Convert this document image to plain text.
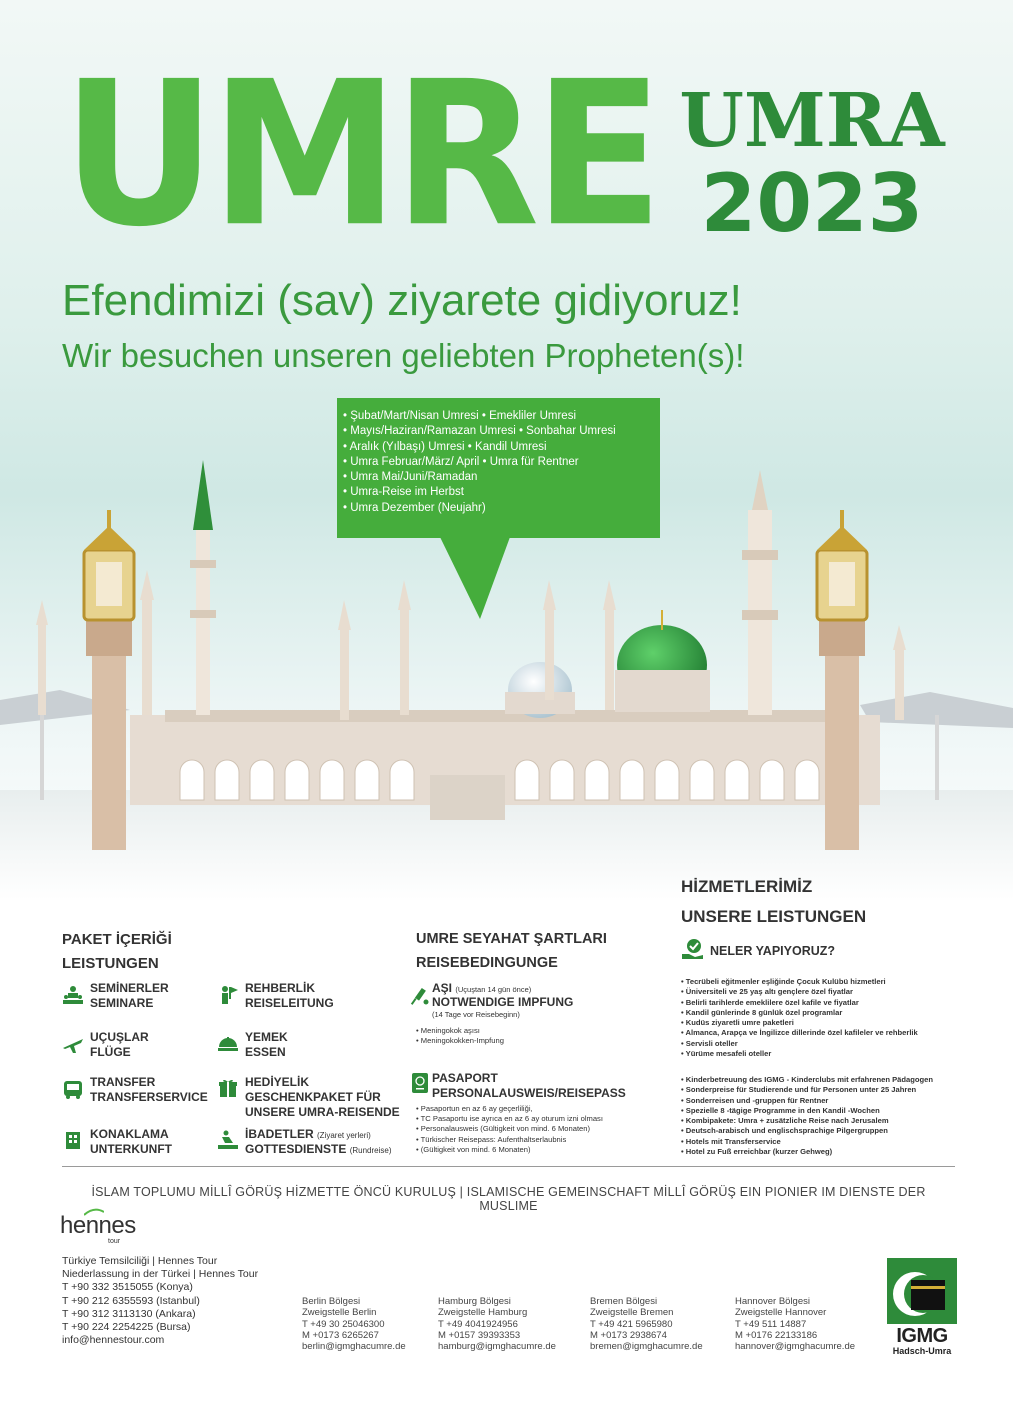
UMRE UMRA
2023
Efendimizi (sav) ziyarete gidiyoruz!
Wir besuchen unseren geliebten Propheten(s)!
• Şubat/Mart/Nisan Umresi • Emekliler Umresi
• Mayıs/Haziran/Ramazan Umresi • Sonbahar Umresi
• Aralık (Yılbaşı) Umresi • Kandil Umresi
• Umra Februar/März/ April • Umra für Rentner
• Umra Mai/Juni/Ramadan
• Umra-Reise im Herbst
• Umra Dezember (Neujahr)
PAKET İÇERİĞİ
LEISTUNGEN
SEMİNERLER
SEMINARE
UÇUŞLAR
FLÜGE
TRANSFER
TRANSFERSERVICE
KONAKLAMA
UNTERKUNFT
REHBERLİK
REISELEITUNG
YEMEK
ESSEN
HEDİYELİK
GESCHENKPAKET FÜR
UNSERE UMRA-REISENDE
İBADETLER (Ziyaret yerleri)
GOTTESDIENSTE (Rundreise)
UMRE SEYAHAT ŞARTLARI
REISEBEDINGUNGE
AŞI (Uçuştan 14 gün önce)
NOTWENDIGE IMPFUNG
(14 Tage vor Reisebeginn)
• Meningokok aşısı
• Meningokokken-Impfung
PASAPORT
PERSONALAUSWEIS/REISEPASS
• Pasaportun en az 6 ay geçerliliği,
• TC Pasaportu ise ayrıca en az 6 ay oturum izni olması
• Personalausweis (Gültigkeit von mind. 6 Monaten)
• Türkischer Reisepass: Aufenthaltserlaubnis
• (Gültigkeit von mind. 6 Monaten)
HİZMETLERİMİZ
UNSERE LEISTUNGEN
NELER YAPIYORUZ?
• Tecrübeli eğitmenler eşliğinde Çocuk Kulübü hizmetleri
• Üniversiteli ve 25 yaş altı gençlere özel fiyatlar
• Belirli tarihlerde emeklilere özel kafile ve fiyatlar
• Kandil günlerinde 8 günlük özel programlar
• Kudüs ziyaretli umre paketleri
• Almanca, Arapça ve İngilizce dillerinde özel kafileler ve rehberlik
• Servisli oteller
• Yürüme mesafeli oteller
• Kinderbetreuung des IGMG - Kinderclubs mit erfahrenen Pädagogen
• Sonderpreise für Studierende und für Personen unter 25 Jahren
• Sonderreisen und -gruppen für Rentner
• Spezielle 8 -tägige Programme in den Kandil -Wochen
• Kombipakete: Umra + zusätzliche Reise nach Jerusalem
• Deutsch-arabisch und englischsprachige Pilgergruppen
• Hotels mit Transferservice
• Hotel zu Fuß erreichbar (kurzer Gehweg)
İSLAM TOPLUMU MİLLÎ GÖRÜŞ HİZMETTE ÖNCÜ KURULUŞ | ISLAMISCHE GEMEINSCHAFT MİLLÎ GÖRÜŞ EIN PIONIER IM DIENSTE DER MUSLIME
hennes
tour
Türkiye Temsilciliği | Hennes Tour
Niederlassung in der Türkei | Hennes Tour
T +90 332 3515055 (Konya)
T +90 212 6355593 (Istanbul)
T +90 312 3113130 (Ankara)
T +90 224 2254225 (Bursa)
info@hennestour.com
Berlin Bölgesi
Zweigstelle Berlin
T +49 30 25046300
M +0173 6265267
berlin@igmghacumre.de
Hamburg Bölgesi
Zweigstelle Hamburg
T +49 4041924956
M +0157 39393353
hamburg@igmghacumre.de
Bremen Bölgesi
Zweigstelle Bremen
T +49 421 5965980
M +0173 2938674
bremen@igmghacumre.de
Hannover Bölgesi
Zweigstelle Hannover
T +49 511 14887
M +0176 22133186
hannover@igmghacumre.de	IGMG
Hadsch-Umra
